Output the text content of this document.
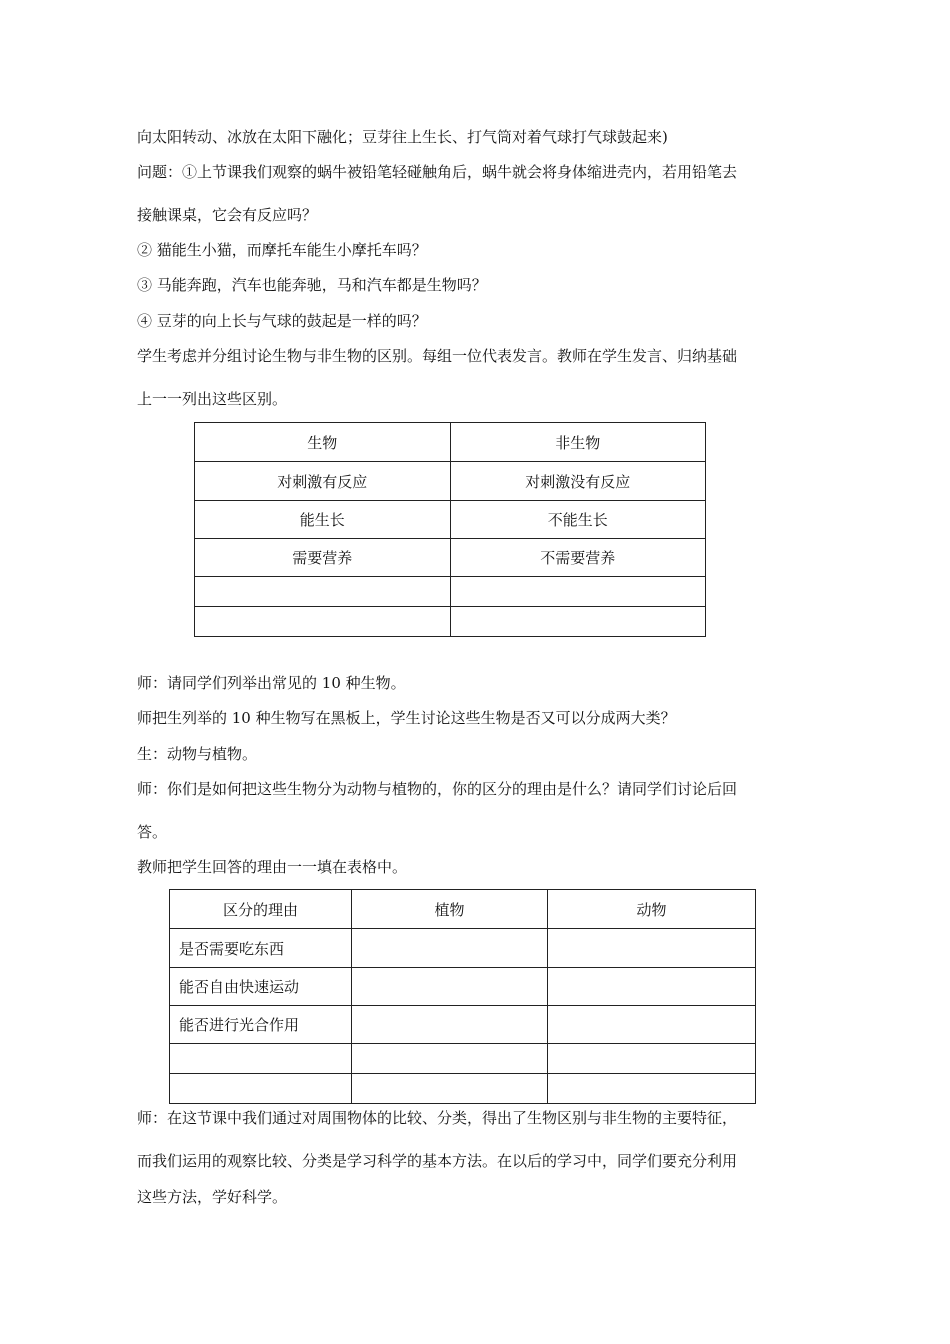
向太阳转动、冰放在太阳下融化；豆芽往上生长、打气筒对着气球打气球鼓起来)
问题：①上节课我们观察的蜗牛被铅笔轻碰触角后，蜗牛就会将身体缩进壳内，若用铅笔去
接触课桌，它会有反应吗？
② 猫能生小猫，而摩托车能生小摩托车吗？
③ 马能奔跑，汽车也能奔驰，马和汽车都是生物吗？
④ 豆芽的向上长与气球的鼓起是一样的吗？
学生考虑并分组讨论生物与非生物的区别。每组一位代表发言。教师在学生发言、归纳基础
上一一列出这些区别。
生物	非生物
对刺激有反应	对刺激没有反应
能生长	不能生长
需要营养	不需要营养

师：请同学们列举出常见的 10 种生物。
师把生列举的 10 种生物写在黑板上，学生讨论这些生物是否又可以分成两大类？
生：动物与植物。
师：你们是如何把这些生物分为动物与植物的，你的区分的理由是什么？请同学们讨论后回
答。
教师把学生回答的理由一一填在表格中。
区分的理由	植物	动物
是否需要吃东西		
能否自由快速运动		
能否进行光合作用		

师：在这节课中我们通过对周围物体的比较、分类，得出了生物区别与非生物的主要特征，
而我们运用的观察比较、分类是学习科学的基本方法。在以后的学习中，同学们要充分利用
这些方法，学好科学。
